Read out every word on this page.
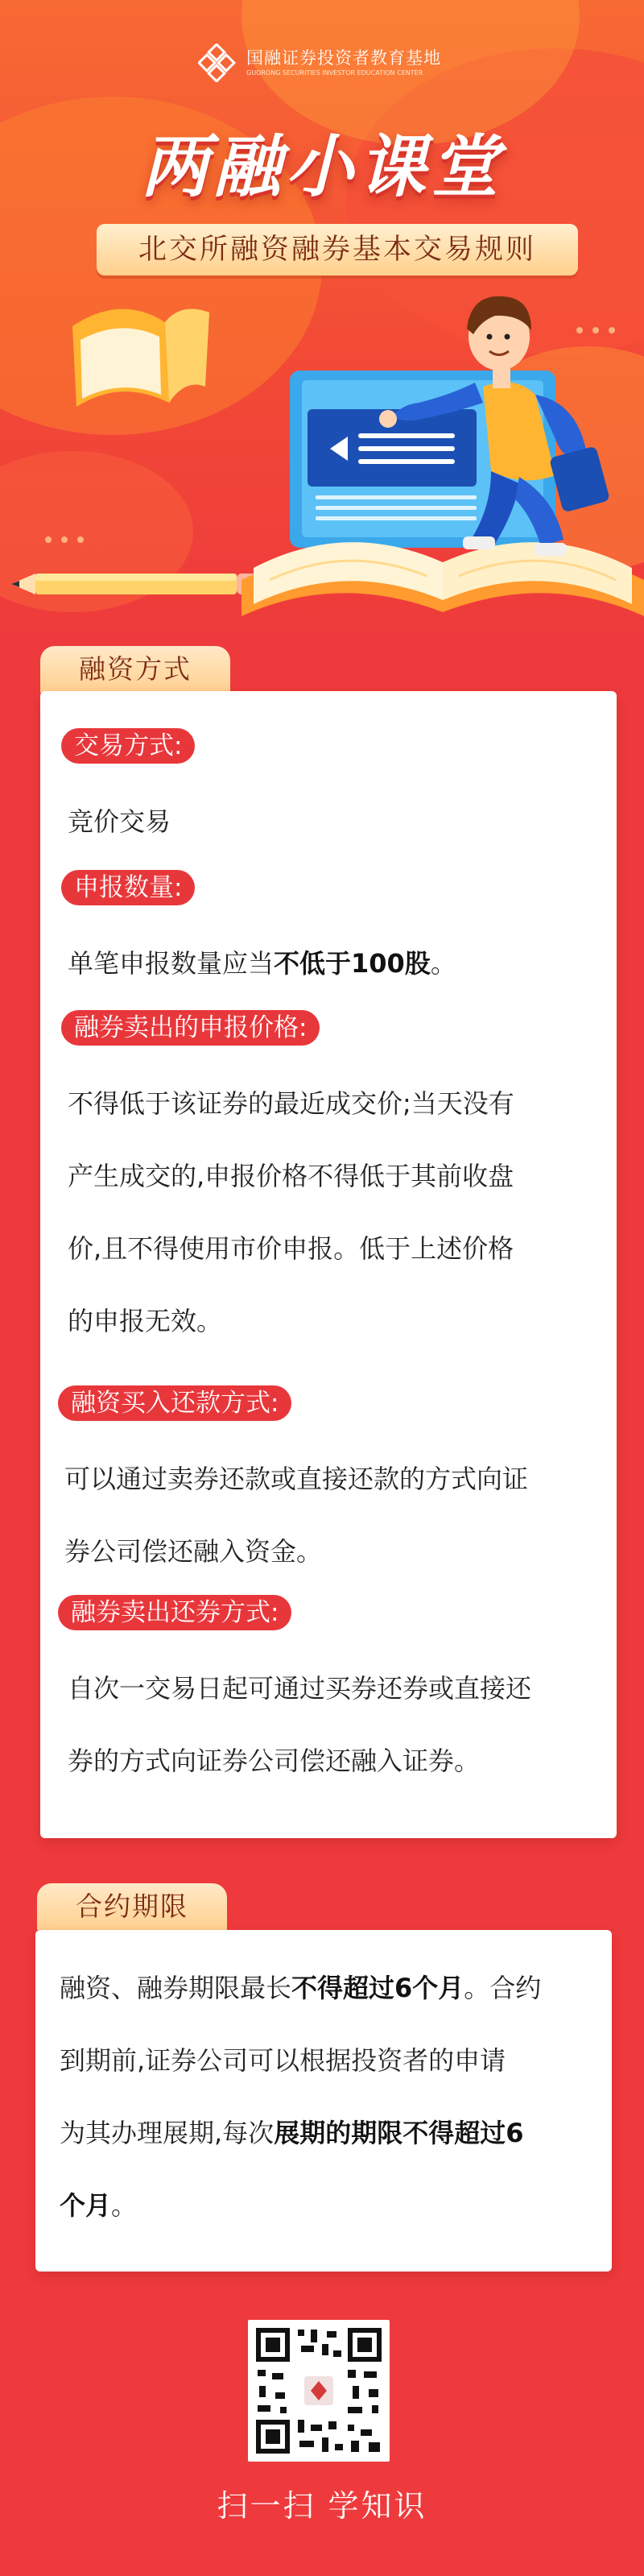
国融证券投资者教育基地
GUORONG SECURITIES INVESTOR EDUCATION CENTER
两融小课堂
北交所融资融券基本交易规则
融资方式
交易方式:
竞价交易
申报数量:
单笔申报数量应当不低于100股。
融券卖出的申报价格:
不得低于该证券的最近成交价;当天没有
产生成交的,申报价格不得低于其前收盘
价,且不得使用市价申报。低于上述价格
的申报无效。
融资买入还款方式:
可以通过卖券还款或直接还款的方式向证
券公司偿还融入资金。
融券卖出还券方式:
自次一交易日起可通过买券还券或直接还
券的方式向证券公司偿还融入证券。
合约期限
融资、融券期限最长不得超过6个月。合约
到期前,证券公司可以根据投资者的申请
为其办理展期,每次展期的期限不得超过6
个月。
扫一扫 学知识
